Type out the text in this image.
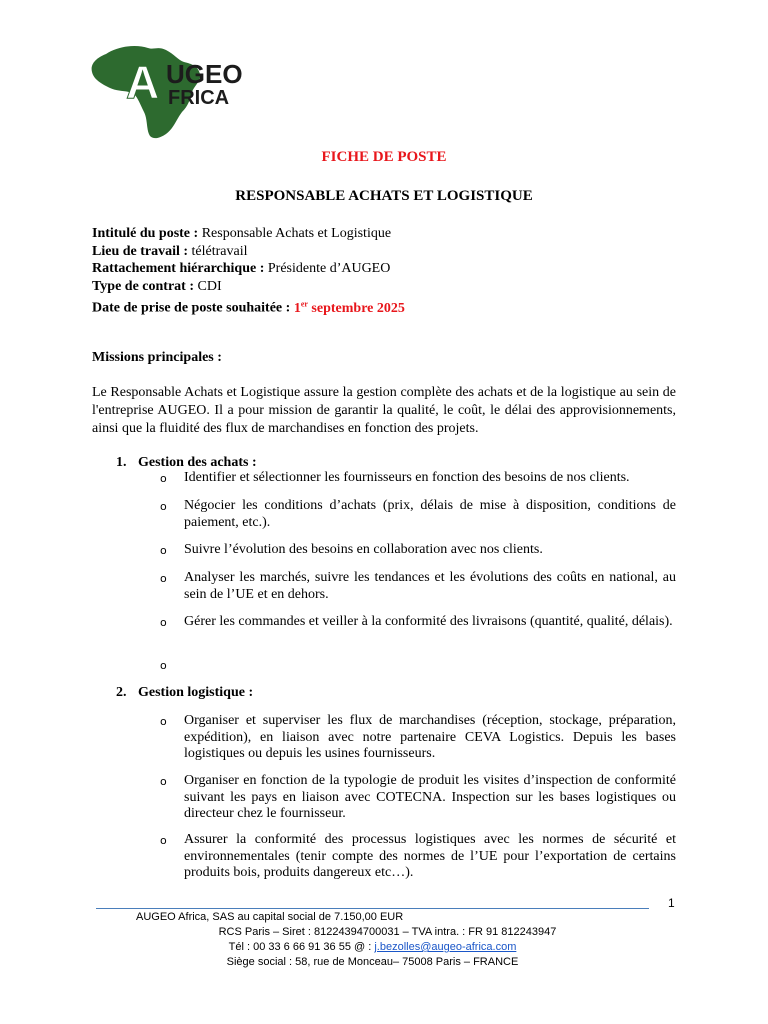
A UGEO
FRICA
FICHE DE POSTE
RESPONSABLE ACHATS ET LOGISTIQUE
Intitulé du poste : Responsable Achats et Logistique
Lieu de travail : télétravail
Rattachement hiérarchique : Présidente d’AUGEO
Type de contrat : CDI
Date de prise de poste souhaitée : 1er septembre 2025
Missions principales :
Le Responsable Achats et Logistique assure la gestion complète des achats et de la logistique au sein de l'entreprise AUGEO. Il a pour mission de garantir la qualité, le coût, le délai des approvisionnements, ainsi que la fluidité des flux de marchandises en fonction des projets.
1. Gestion des achats :
o Identifier et sélectionner les fournisseurs en fonction des besoins de nos clients.
o Négocier les conditions d’achats (prix, délais de mise à disposition, conditions de paiement, etc.).
o Suivre l’évolution des besoins en collaboration avec nos clients.
o Analyser les marchés, suivre les tendances et les évolutions des coûts en national, au sein de l’UE et en dehors.
o Gérer les commandes et veiller à la conformité des livraisons (quantité, qualité, délais).
o
2. Gestion logistique :
o Organiser et superviser les flux de marchandises (réception, stockage, préparation, expédition), en liaison avec notre partenaire CEVA Logistics. Depuis les bases logistiques ou depuis les usines fournisseurs.
o Organiser en fonction de la typologie de produit les visites d’inspection de conformité suivant les pays en liaison avec COTECNA. Inspection sur les bases logistiques ou directeur chez le fournisseur.
o Assurer la conformité des processus logistiques avec les normes de sécurité et environnementales (tenir compte des normes de l’UE pour l’exportation de certains produits bois, produits dangereux etc…).
1
AUGEO Africa, SAS au capital social de 7.150,00 EUR
RCS Paris – Siret : 81224394700031 – TVA intra. : FR 91 812243947
Tél : 00 33 6 66 91 36 55 @ : j.bezolles@augeo-africa.com
Siège social : 58, rue de Monceau– 75008 Paris – FRANCE
